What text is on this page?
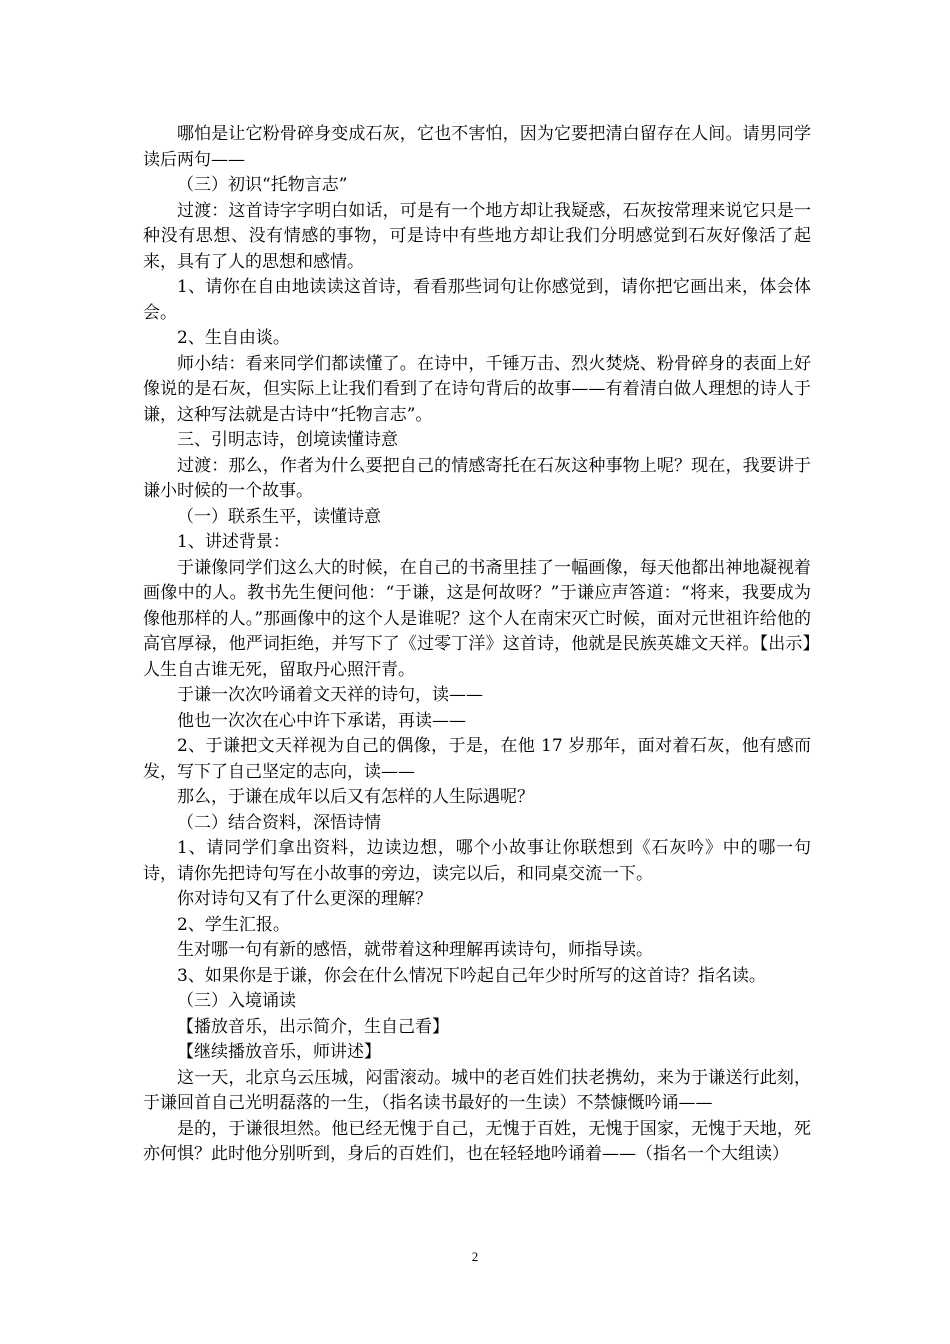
哪怕是让它粉骨碎身变成石灰，它也不害怕，因为它要把清白留存在人间。请男同学读后两句——

（三）初识“托物言志”

过渡：这首诗字字明白如话，可是有一个地方却让我疑惑，石灰按常理来说它只是一种没有思想、没有情感的事物，可是诗中有些地方却让我们分明感觉到石灰好像活了起来，具有了人的思想和感情。

1、请你在自由地读读这首诗，看看那些词句让你感觉到，请你把它画出来，体会体会。

2、生自由谈。

师小结：看来同学们都读懂了。在诗中，千锤万击、烈火焚烧、粉骨碎身的表面上好像说的是石灰，但实际上让我们看到了在诗句背后的故事——有着清白做人理想的诗人于谦，这种写法就是古诗中“托物言志”。

三、引明志诗，创境读懂诗意

过渡：那么，作者为什么要把自己的情感寄托在石灰这种事物上呢？现在，我要讲于谦小时候的一个故事。

（一）联系生平，读懂诗意

1、讲述背景：

于谦像同学们这么大的时候，在自己的书斋里挂了一幅画像，每天他都出神地凝视着画像中的人。教书先生便问他：“于谦，这是何故呀？”于谦应声答道：“将来，我要成为像他那样的人。”那画像中的这个人是谁呢？这个人在南宋灭亡时候，面对元世祖许给他的高官厚禄，他严词拒绝，并写下了《过零丁洋》这首诗，他就是民族英雄文天祥。【出示】人生自古谁无死，留取丹心照汗青。

于谦一次次吟诵着文天祥的诗句，读——

他也一次次在心中许下承诺，再读——

2、于谦把文天祥视为自己的偶像，于是，在他 17 岁那年，面对着石灰，他有感而发，写下了自己坚定的志向，读——

那么，于谦在成年以后又有怎样的人生际遇呢？

（二）结合资料，深悟诗情

1、请同学们拿出资料，边读边想，哪个小故事让你联想到《石灰吟》中的哪一句诗，请你先把诗句写在小故事的旁边，读完以后，和同桌交流一下。

你对诗句又有了什么更深的理解？

2、学生汇报。

生对哪一句有新的感悟，就带着这种理解再读诗句，师指导读。

3、如果你是于谦，你会在什么情况下吟起自己年少时所写的这首诗？指名读。

（三）入境诵读

【播放音乐，出示简介，生自己看】

【继续播放音乐，师讲述】

这一天，北京乌云压城，闷雷滚动。城中的老百姓们扶老携幼，来为于谦送行此刻，于谦回首自己光明磊落的一生，（指名读书最好的一生读）不禁慷慨吟诵——

是的，于谦很坦然。他已经无愧于自己，无愧于百姓，无愧于国家，无愧于天地，死亦何惧？此时他分别听到，身后的百姓们，也在轻轻地吟诵着——（指名一个大组读）

2
